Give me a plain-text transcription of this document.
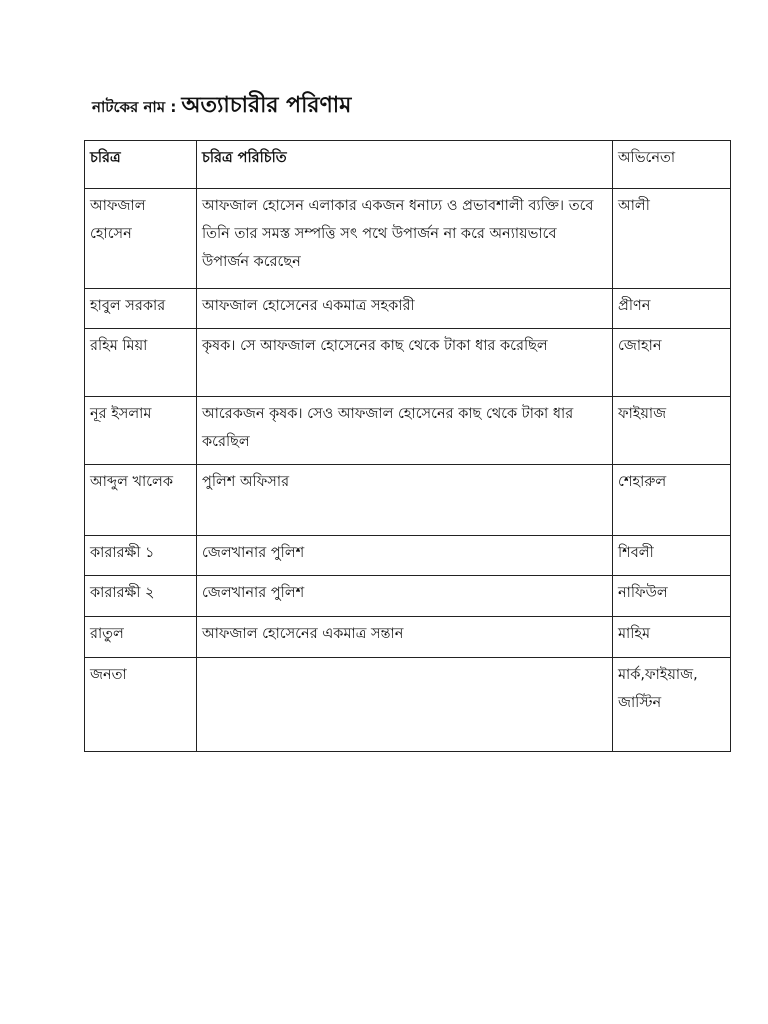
নাটকের নাম : অত্যাচারীর পরিণাম
চরিত্র	চরিত্র পরিচিতি	অভিনেতা
আফজাল হোসেন	আফজাল হোসেন এলাকার একজন ধনাঢ্য ও প্রভাবশালী ব্যক্তি। তবে তিনি তার সমস্ত সম্পত্তি সৎ পথে উপার্জন না করে অন্যায়ভাবে উপার্জন করেছেন	আলী
হাবুল সরকার	আফজাল হোসেনের একমাত্র সহকারী	প্রীণন
রহিম মিয়া	কৃষক। সে আফজাল হোসেনের কাছ থেকে টাকা ধার করেছিল	জোহান
নূর ইসলাম	আরেকজন কৃষক। সেও আফজাল হোসেনের কাছ থেকে টাকা ধার করেছিল	ফাইয়াজ
আব্দুল খালেক	পুলিশ অফিসার	শেহারুল
কারারক্ষী ১	জেলখানার পুলিশ	শিবলী
কারারক্ষী ২	জেলখানার পুলিশ	নাফিউল
রাতুল	আফজাল হোসেনের একমাত্র সন্তান	মাহিম
জনতা		মার্ক,ফাইয়াজ, জাস্টিন
